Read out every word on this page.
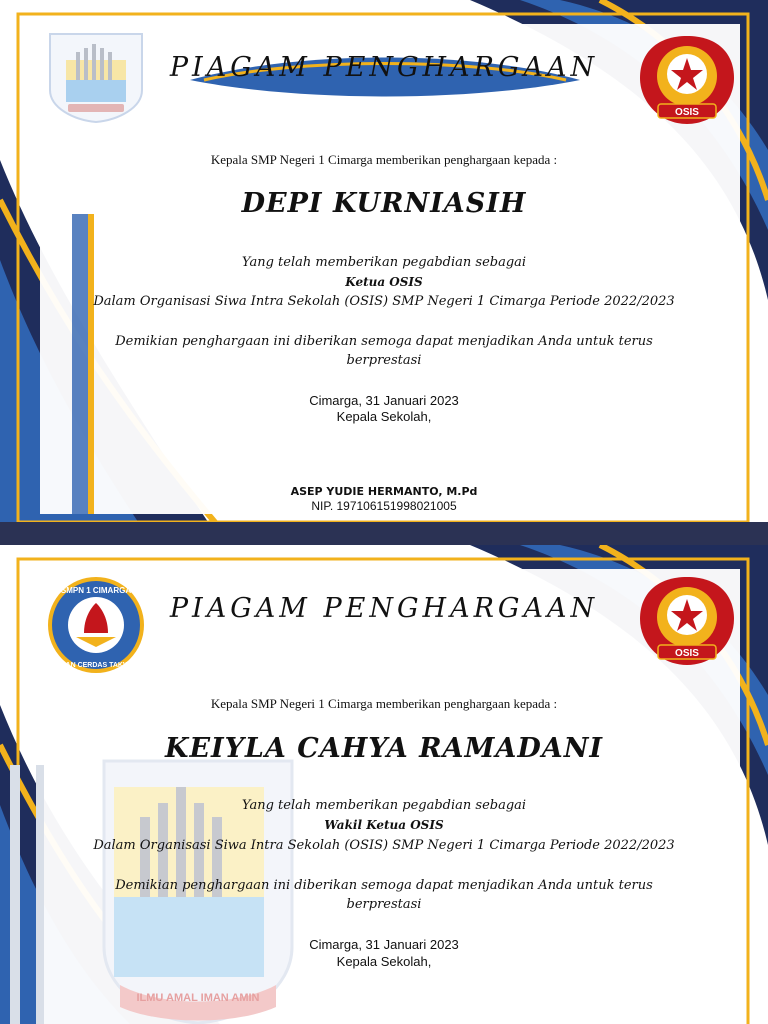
PIAGAM PENGHARGAAN
OSIS
Kepala SMP Negeri 1 Cimarga memberikan penghargaan kepada :
DEPI KURNIASIH
Yang telah memberikan pegabdian sebagai
Ketua OSIS
Dalam Organisasi Siwa Intra Sekolah (OSIS) SMP Negeri 1 Cimarga Periode 2022/2023
Demikian penghargaan ini diberikan semoga dapat menjadikan Anda untuk terus
berprestasi
Cimarga, 31 Januari 2023
Kepala Sekolah,
ASEP YUDIE HERMANTO, M.Pd
NIP. 197106151998021005
ILMU AMAL IMAN AMIN
SMPN 1 CIMARGA
IMAN CERDAS TAKWA
PIAGAM PENGHARGAAN
OSIS
Kepala SMP Negeri 1 Cimarga memberikan penghargaan kepada :
KEIYLA CAHYA RAMADANI
Yang telah memberikan pegabdian sebagai
Wakil Ketua OSIS
Dalam Organisasi Siwa Intra Sekolah (OSIS) SMP Negeri 1 Cimarga Periode 2022/2023
Demikian penghargaan ini diberikan semoga dapat menjadikan Anda untuk terus
berprestasi
Cimarga, 31 Januari 2023
Kepala Sekolah,
